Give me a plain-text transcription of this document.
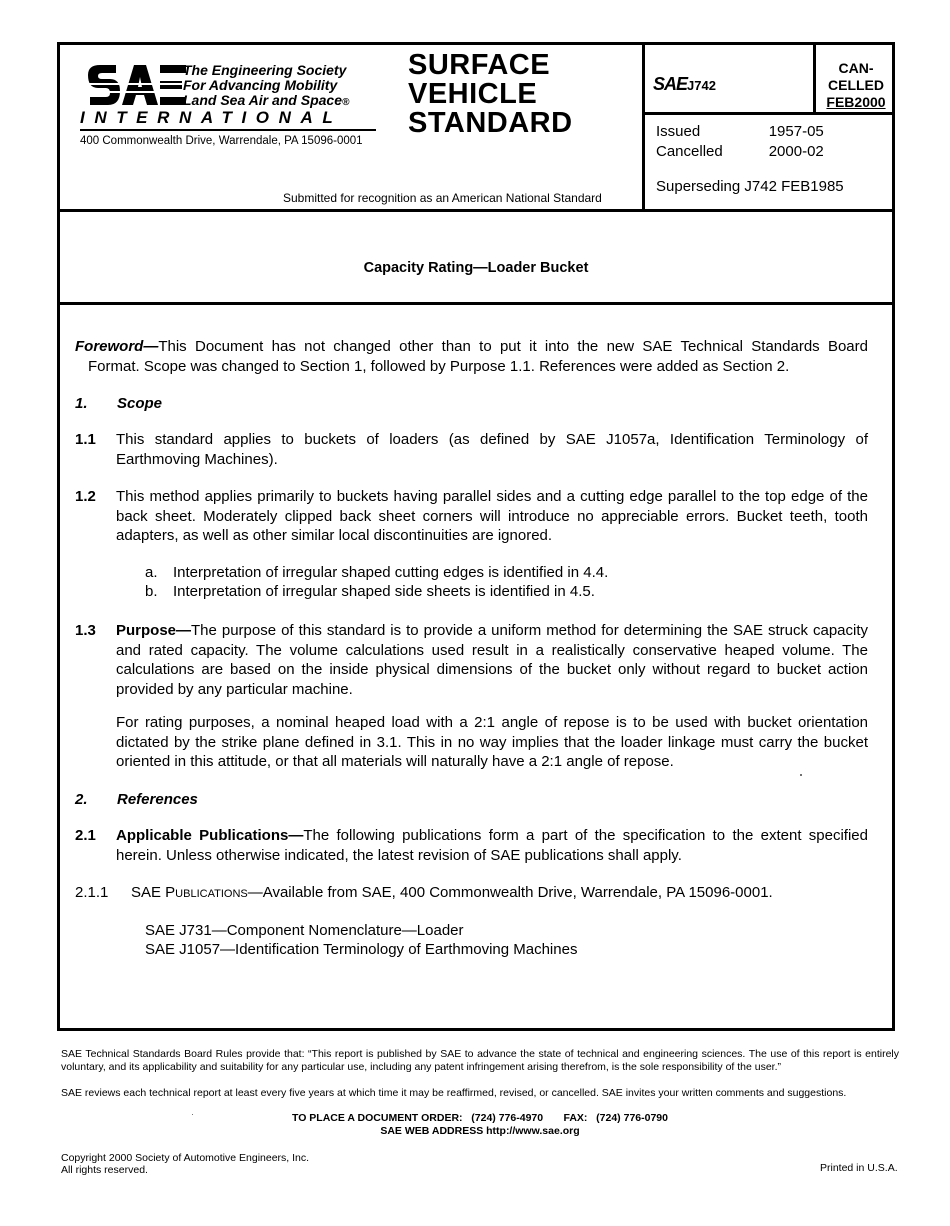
The Engineering Society
For Advancing Mobility
Land Sea Air and Space®
INTERNATIONAL
400 Commonwealth Drive, Warrendale, PA 15096-0001
SURFACE
VEHICLE
STANDARD
Submitted for recognition as an American National Standard
SAEJ742
CAN-
CELLED
FEB2000
Issued	1957-05
Cancelled	2000-02
Superseding J742 FEB1985
Capacity Rating—Loader Bucket
Foreword—This Document has not changed other than to put it into the new SAE Technical Standards Board
Format. Scope was changed to Section 1, followed by Purpose 1.1. References were added as Section 2.
1. Scope
1.1 This standard applies to buckets of loaders (as defined by SAE J1057a, Identification Terminology of Earthmoving Machines).
1.2 This method applies primarily to buckets having parallel sides and a cutting edge parallel to the top edge of the back sheet. Moderately clipped back sheet corners will introduce no appreciable errors. Bucket teeth, tooth adapters, as well as other similar local discontinuities are ignored.
a. Interpretation of irregular shaped cutting edges is identified in 4.4.
b. Interpretation of irregular shaped side sheets is identified in 4.5.
1.3 Purpose—The purpose of this standard is to provide a uniform method for determining the SAE struck capacity and rated capacity. The volume calculations used result in a realistically conservative heaped volume. The calculations are based on the inside physical dimensions of the bucket only without regard to bucket action provided by any particular machine.
For rating purposes, a nominal heaped load with a 2:1 angle of repose is to be used with bucket orientation dictated by the strike plane defined in 3.1. This in no way implies that the loader linkage must carry the bucket oriented in this attitude, or that all materials will naturally have a 2:1 angle of repose.
2. References
2.1 Applicable Publications—The following publications form a part of the specification to the extent specified herein. Unless otherwise indicated, the latest revision of SAE publications shall apply.
2.1.1 SAE Publications—Available from SAE, 400 Commonwealth Drive, Warrendale, PA 15096-0001.
SAE J731—Component Nomenclature—Loader
SAE J1057—Identification Terminology of Earthmoving Machines
SAE Technical Standards Board Rules provide that: “This report is published by SAE to advance the state of technical and engineering sciences. The use of this report is entirely voluntary, and its applicability and suitability for any particular use, including any patent infringement arising therefrom, is the sole responsibility of the user.”
SAE reviews each technical report at least every five years at which time it may be reaffirmed, revised, or cancelled. SAE invites your written comments and suggestions.
TO PLACE A DOCUMENT ORDER:   (724) 776-4970       FAX:   (724) 776-0790
SAE WEB ADDRESS http://www.sae.org
Copyright 2000 Society of Automotive Engineers, Inc.
All rights reserved.	Printed in U.S.A.
